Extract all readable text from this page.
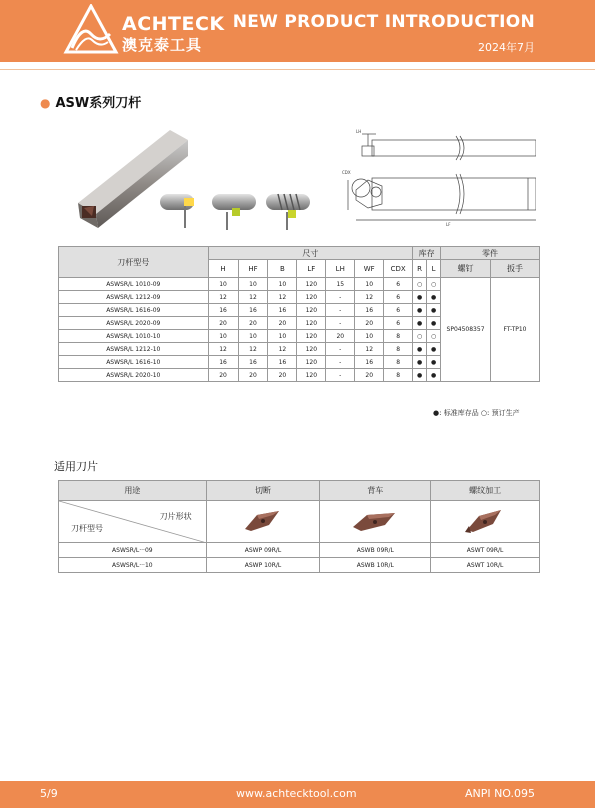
ACHTECK
澳克泰工具
NEW PRODUCT INTRODUCTION
2024年7月
● ASW系列刀杆
LH
LF
CDX
刀杆型号	尺寸							库存		零件	
	H	HF	B	LF	LH	WF	CDX	R	L	螺钉	扳手
ASWSR/L 1010-09	10	10	10	120	15	10	6	○	○	SP04508357	FT-TP10
ASWSR/L 1212-09	12	12	12	120	-	12	6	●	●		
ASWSR/L 1616-09	16	16	16	120	-	16	6	●	●		
ASWSR/L 2020-09	20	20	20	120	-	20	6	●	●		
ASWSR/L 1010-10	10	10	10	120	20	10	8	○	○		
ASWSR/L 1212-10	12	12	12	120	-	12	8	●	●		
ASWSR/L 1616-10	16	16	16	120	-	16	8	●	●		
ASWSR/L 2020-10	20	20	20	120	-	20	8	●	●		
●: 标准库存品 ○: 预订生产
适用刀片
用途	切断	背车	螺纹加工

刀片形状
刀杆型号

ASWSR/L···09	ASWP 09R/L	ASWB 09R/L	ASWT 09R/L
ASWSR/L···10	ASWP 10R/L	ASWB 10R/L	ASWT 10R/L
5/9	www.achtecktool.com	ANPI NO.095
